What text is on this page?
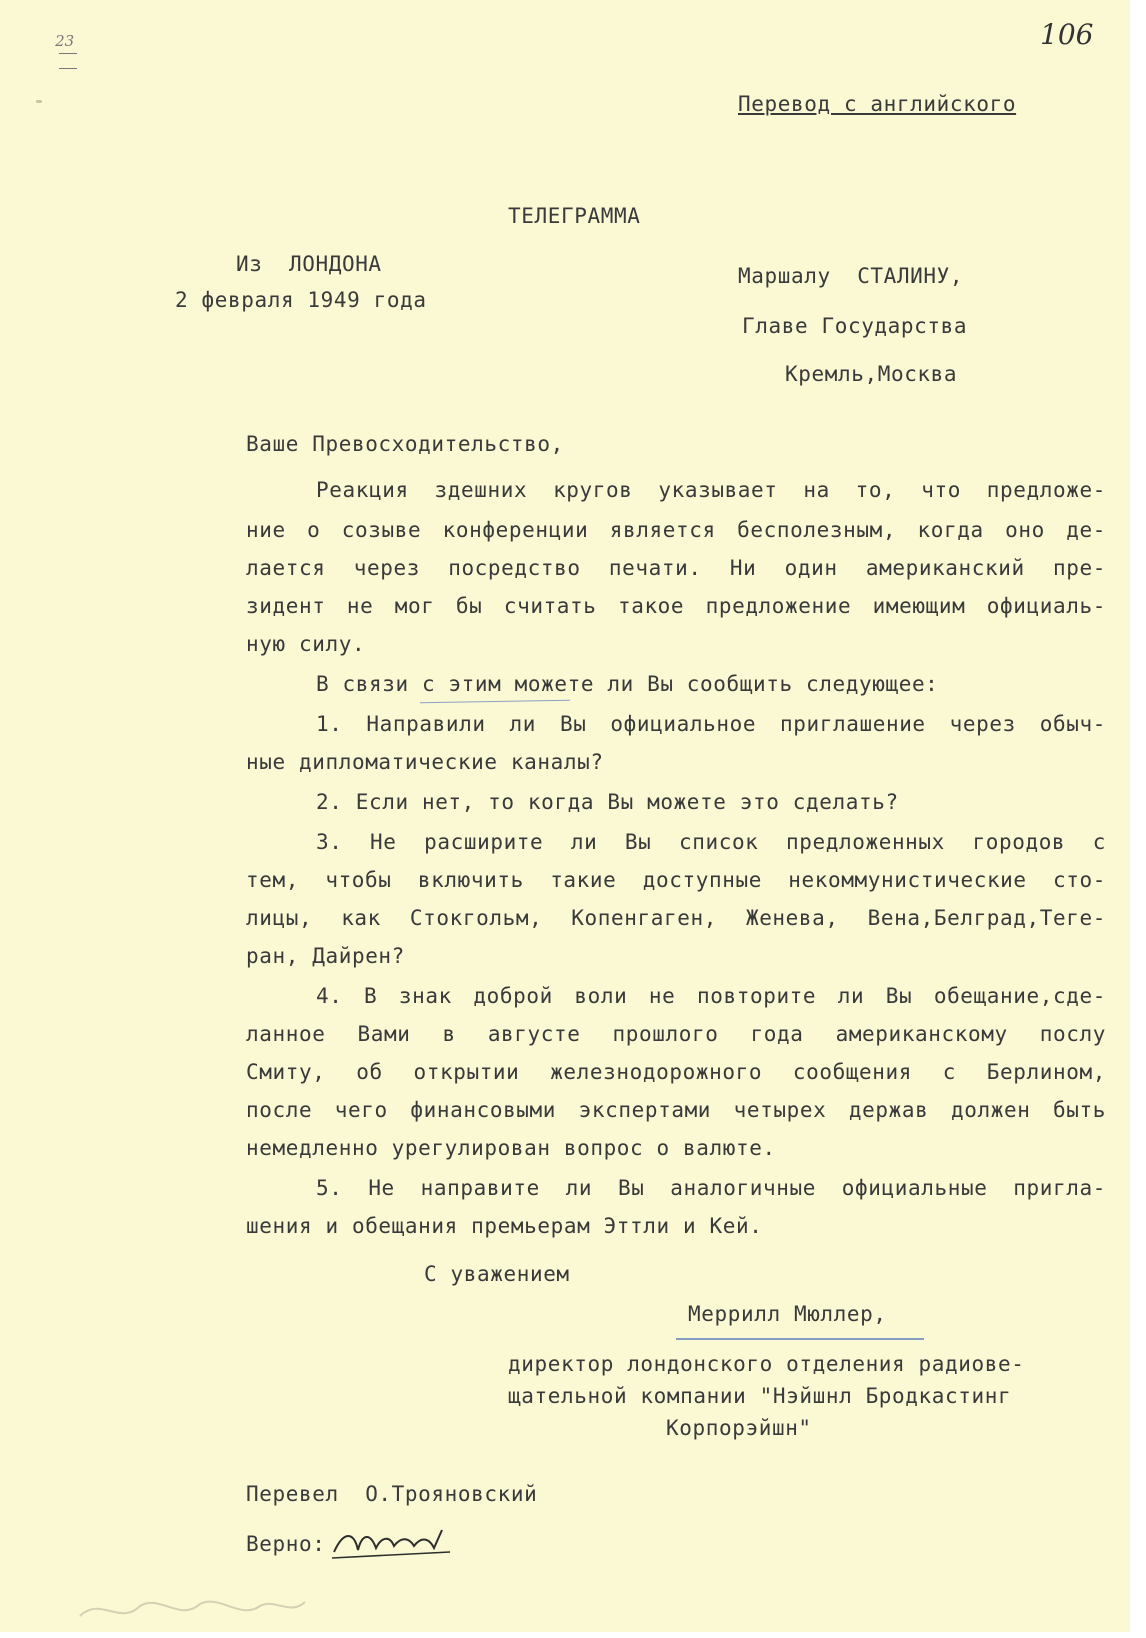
23

	106
Перевод с английского
ТЕЛЕГРАММА
Из  ЛОНДОНА
2 февраля 1949 года
Маршалу  СТАЛИНУ,
Главе Государства
Кремль,Москва
Ваше Превосходительство,
Реакция здешних кругов указывает на то, что предложе-
ние о созыве конференции является бесполезным, когда оно де-
лается через посредство печати. Ни один американский пре-
зидент не мог бы считать такое предложение имеющим официаль-
ную силу.
В связи с этим можете ли Вы сообщить следующее:
1. Направили ли Вы официальное приглашение через обыч-
ные дипломатические каналы?
2. Если нет, то когда Вы можете это сделать?
3. Не расширите ли Вы список предложенных городов с
тем, чтобы включить такие доступные некоммунистические сто-
лицы, как Стокгольм, Копенгаген, Женева, Вена,Белград,Теге-
ран, Дайрен?
4. В знак доброй воли не повторите ли Вы обещание,сде-
ланное Вами в августе прошлого года американскому послу
Смиту, об открытии железнодорожного сообщения с Берлином,
после чего финансовыми экспертами четырех держав должен быть
немедленно урегулирован вопрос о валюте.
5. Не направите ли Вы аналогичные официальные пригла-
шения и обещания премьерам Эттли и Кей.
С уважением
Меррилл Мюллер,
директор лондонского отделения радиове-
щательной компании "Нэйшнл Бродкастинг
Корпорэйшн"
Перевел  О.Трояновский
Верно:
